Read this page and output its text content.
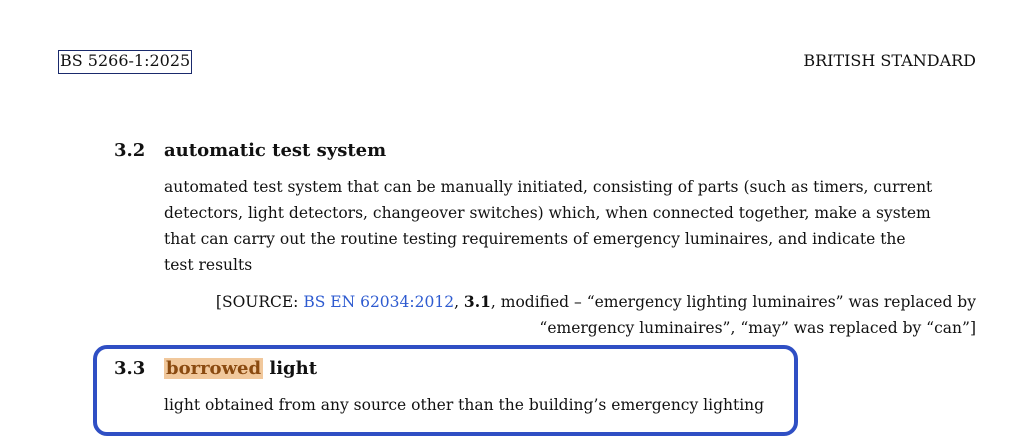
BS 5266-1:2025	BRITISH STANDARD
3.2 automatic test system
automated test system that can be manually initiated, consisting of parts (such as timers, current
detectors, light detectors, changeover switches) which, when connected together, make a system
that can carry out the routine testing requirements of emergency luminaires, and indicate the
test results
[SOURCE: BS EN 62034:2012, 3.1, modified – “emergency lighting luminaires” was replaced by
“emergency luminaires”, “may” was replaced by “can”]
3.3 borrowed light
light obtained from any source other than the building’s emergency lighting
